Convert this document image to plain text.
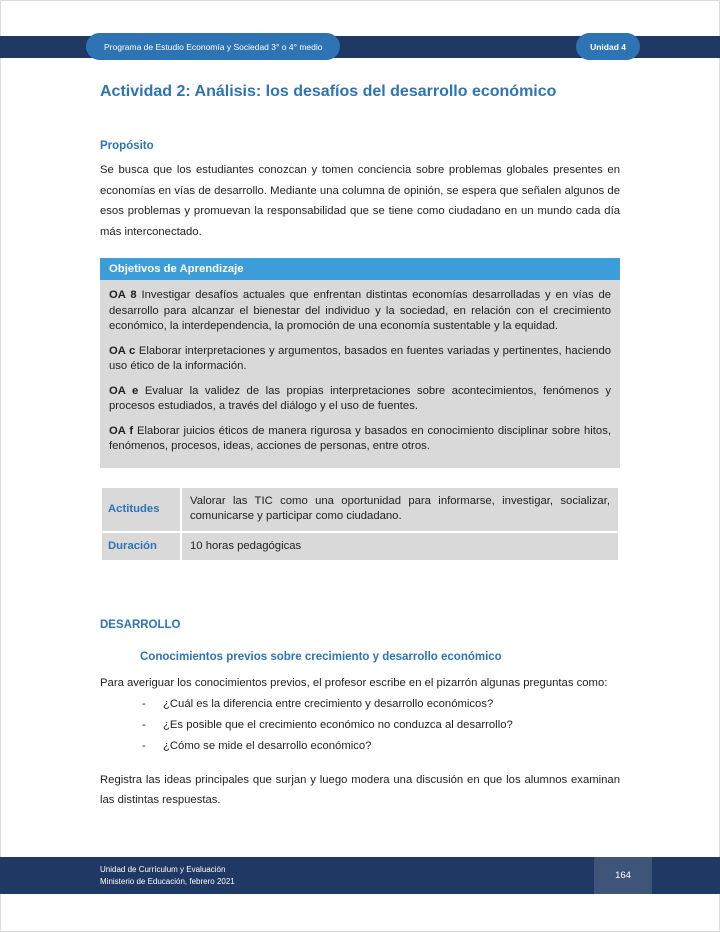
Programa de Estudio Economía y Sociedad 3° o 4° medio	Unidad 4
Actividad 2: Análisis: los desafíos del desarrollo económico
Propósito

Se busca que los estudiantes conozcan y tomen conciencia sobre problemas globales presentes en economías en vías de desarrollo. Mediante una columna de opinión, se espera que señalen algunos de esos problemas y promuevan la responsabilidad que se tiene como ciudadano en un mundo cada día más interconectado.

Objetivos de Aprendizaje

OA 8 Investigar desafíos actuales que enfrentan distintas economías desarrolladas y en vías de desarrollo para alcanzar el bienestar del individuo y la sociedad, en relación con el crecimiento económico, la interdependencia, la promoción de una economía sustentable y la equidad.

OA c Elaborar interpretaciones y argumentos, basados en fuentes variadas y pertinentes, haciendo uso ético de la información.

OA e Evaluar la validez de las propias interpretaciones sobre acontecimientos, fenómenos y procesos estudiados, a través del diálogo y el uso de fuentes.

OA f Elaborar juicios éticos de manera rigurosa y basados en conocimiento disciplinar sobre hitos, fenómenos, procesos, ideas, acciones de personas, entre otros.

Actitudes	Valorar las TIC como una oportunidad para informarse, investigar, socializar, comunicarse y participar como ciudadano.
Duración	10 horas pedagógicas
DESARROLLO
Conocimientos previos sobre crecimiento y desarrollo económico

Para averiguar los conocimientos previos, el profesor escribe en el pizarrón algunas preguntas como:

-	¿Cuál es la diferencia entre crecimiento y desarrollo económicos?
-	¿Es posible que el crecimiento económico no conduzca al desarrollo?
-	¿Cómo se mide el desarrollo económico?

Registra las ideas principales que surjan y luego modera una discusión en que los alumnos examinan las distintas respuestas.

Unidad de Currículum y Evaluación
Ministerio de Educación, febrero 2021	164
